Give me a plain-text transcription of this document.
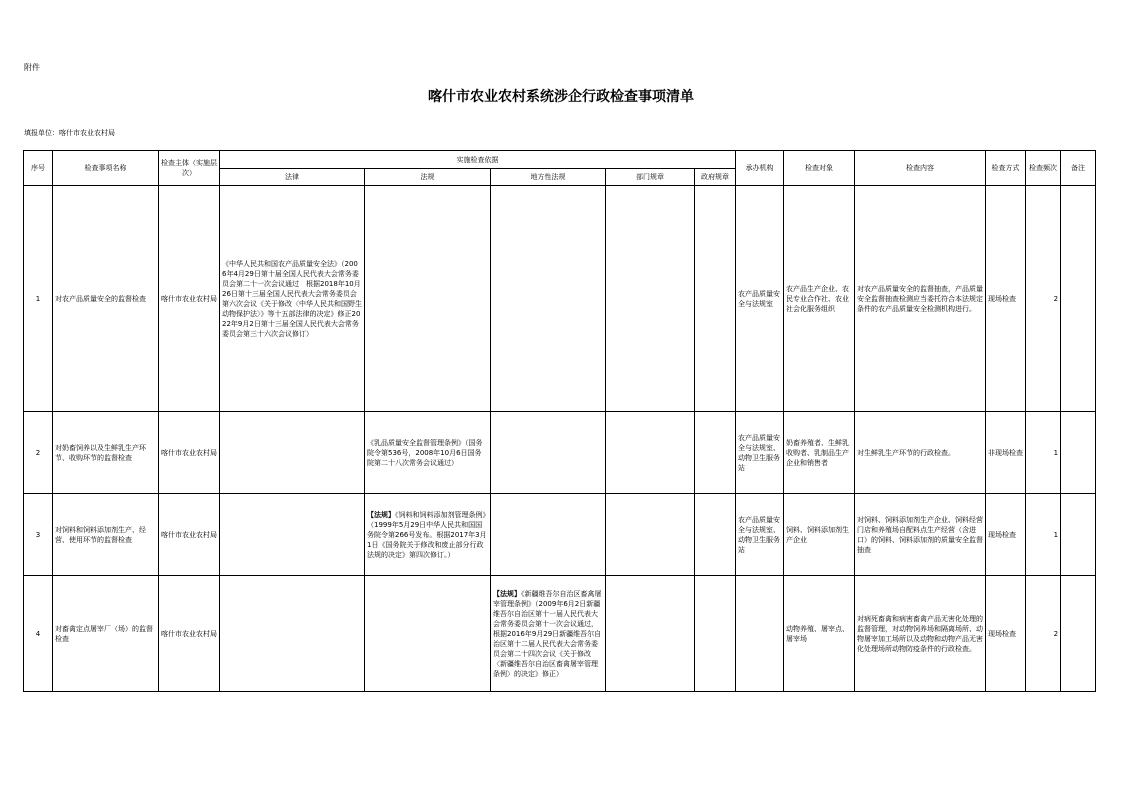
附件
喀什市农业农村系统涉企行政检查事项清单
填报单位：喀什市农业农村局
序号	检查事项名称	检查主体（实施层次）	实施检查依据					承办机构	检查对象	检查内容	检查方式	检查频次	备注
			法律	法规	地方性法规	部门规章	政府规章						
1	对农产品质量安全的监督检查	喀什市农业农村局	《中华人民共和国农产品质量安全法》（2006年4月29日第十届全国人民代表大会常务委员会第二十一次会议通过　根据2018年10月26日第十三届全国人民代表大会常务委员会第六次会议《关于修改〈中华人民共和国野生动物保护法〉》等十五部法律的决定》修正2022年9月2日第十三届全国人民代表大会常务委员会第三十六次会议修订）					农产品质量安全与法规室	农产品生产企业、农民专业合作社、农业社会化服务组织	对农产品质量安全的监督抽查，产品质量安全监督抽查检测应当委托符合本法规定条件的农产品质量安全检测机构进行。	现场检查	2	
2	对奶畜饲养以及生鲜乳生产环节、收购环节的监督检查	喀什市农业农村局		《乳品质量安全监督管理条例》（国务院令第536号，2008年10月6日国务院第二十八次常务会议通过）				农产品质量安全与法规室、动物卫生服务站	奶畜养殖者、生鲜乳收购者、乳制品生产企业和销售者	对生鲜乳生产环节的行政检查。	非现场检查	1	
3	对饲料和饲料添加剂生产、经营、使用环节的监督检查	喀什市农业农村局		【法规】《饲料和饲料添加剂管理条例》（1999年5月29日中华人民共和国国务院令第266号发布。根据2017年3月1日《国务院关于修改和废止部分行政法规的决定》第四次修订。）				农产品质量安全与法规室、动物卫生服务站	饲料、饲料添加剂生产企业	对饲料、饲料添加剂生产企业、饲料经营门店和养殖场自配料点生产经营（含进口）的饲料、饲料添加剂的质量安全监督抽查	现场检查	1	
4	对畜禽定点屠宰厂（场）的监督检查	喀什市农业农村局			【法规】《新疆维吾尔自治区畜禽屠宰管理条例》（2009年6月2日新疆维吾尔自治区第十一届人民代表大会常务委员会第十一次会议通过，根据2016年9月29日新疆维吾尔自治区第十二届人民代表大会常务委员会第二十四次会议《关于修改〈新疆维吾尔自治区畜禽屠宰管理条例〉的决定》修正）				动物养殖、屠宰点、屠宰场	对病死畜禽和病害畜禽产品无害化处理的监督管理，对动物饲养场和隔离场所、动物屠宰加工场所以及动物和动物产品无害化处理场所动物防疫条件的行政检查。	现场检查	2	
